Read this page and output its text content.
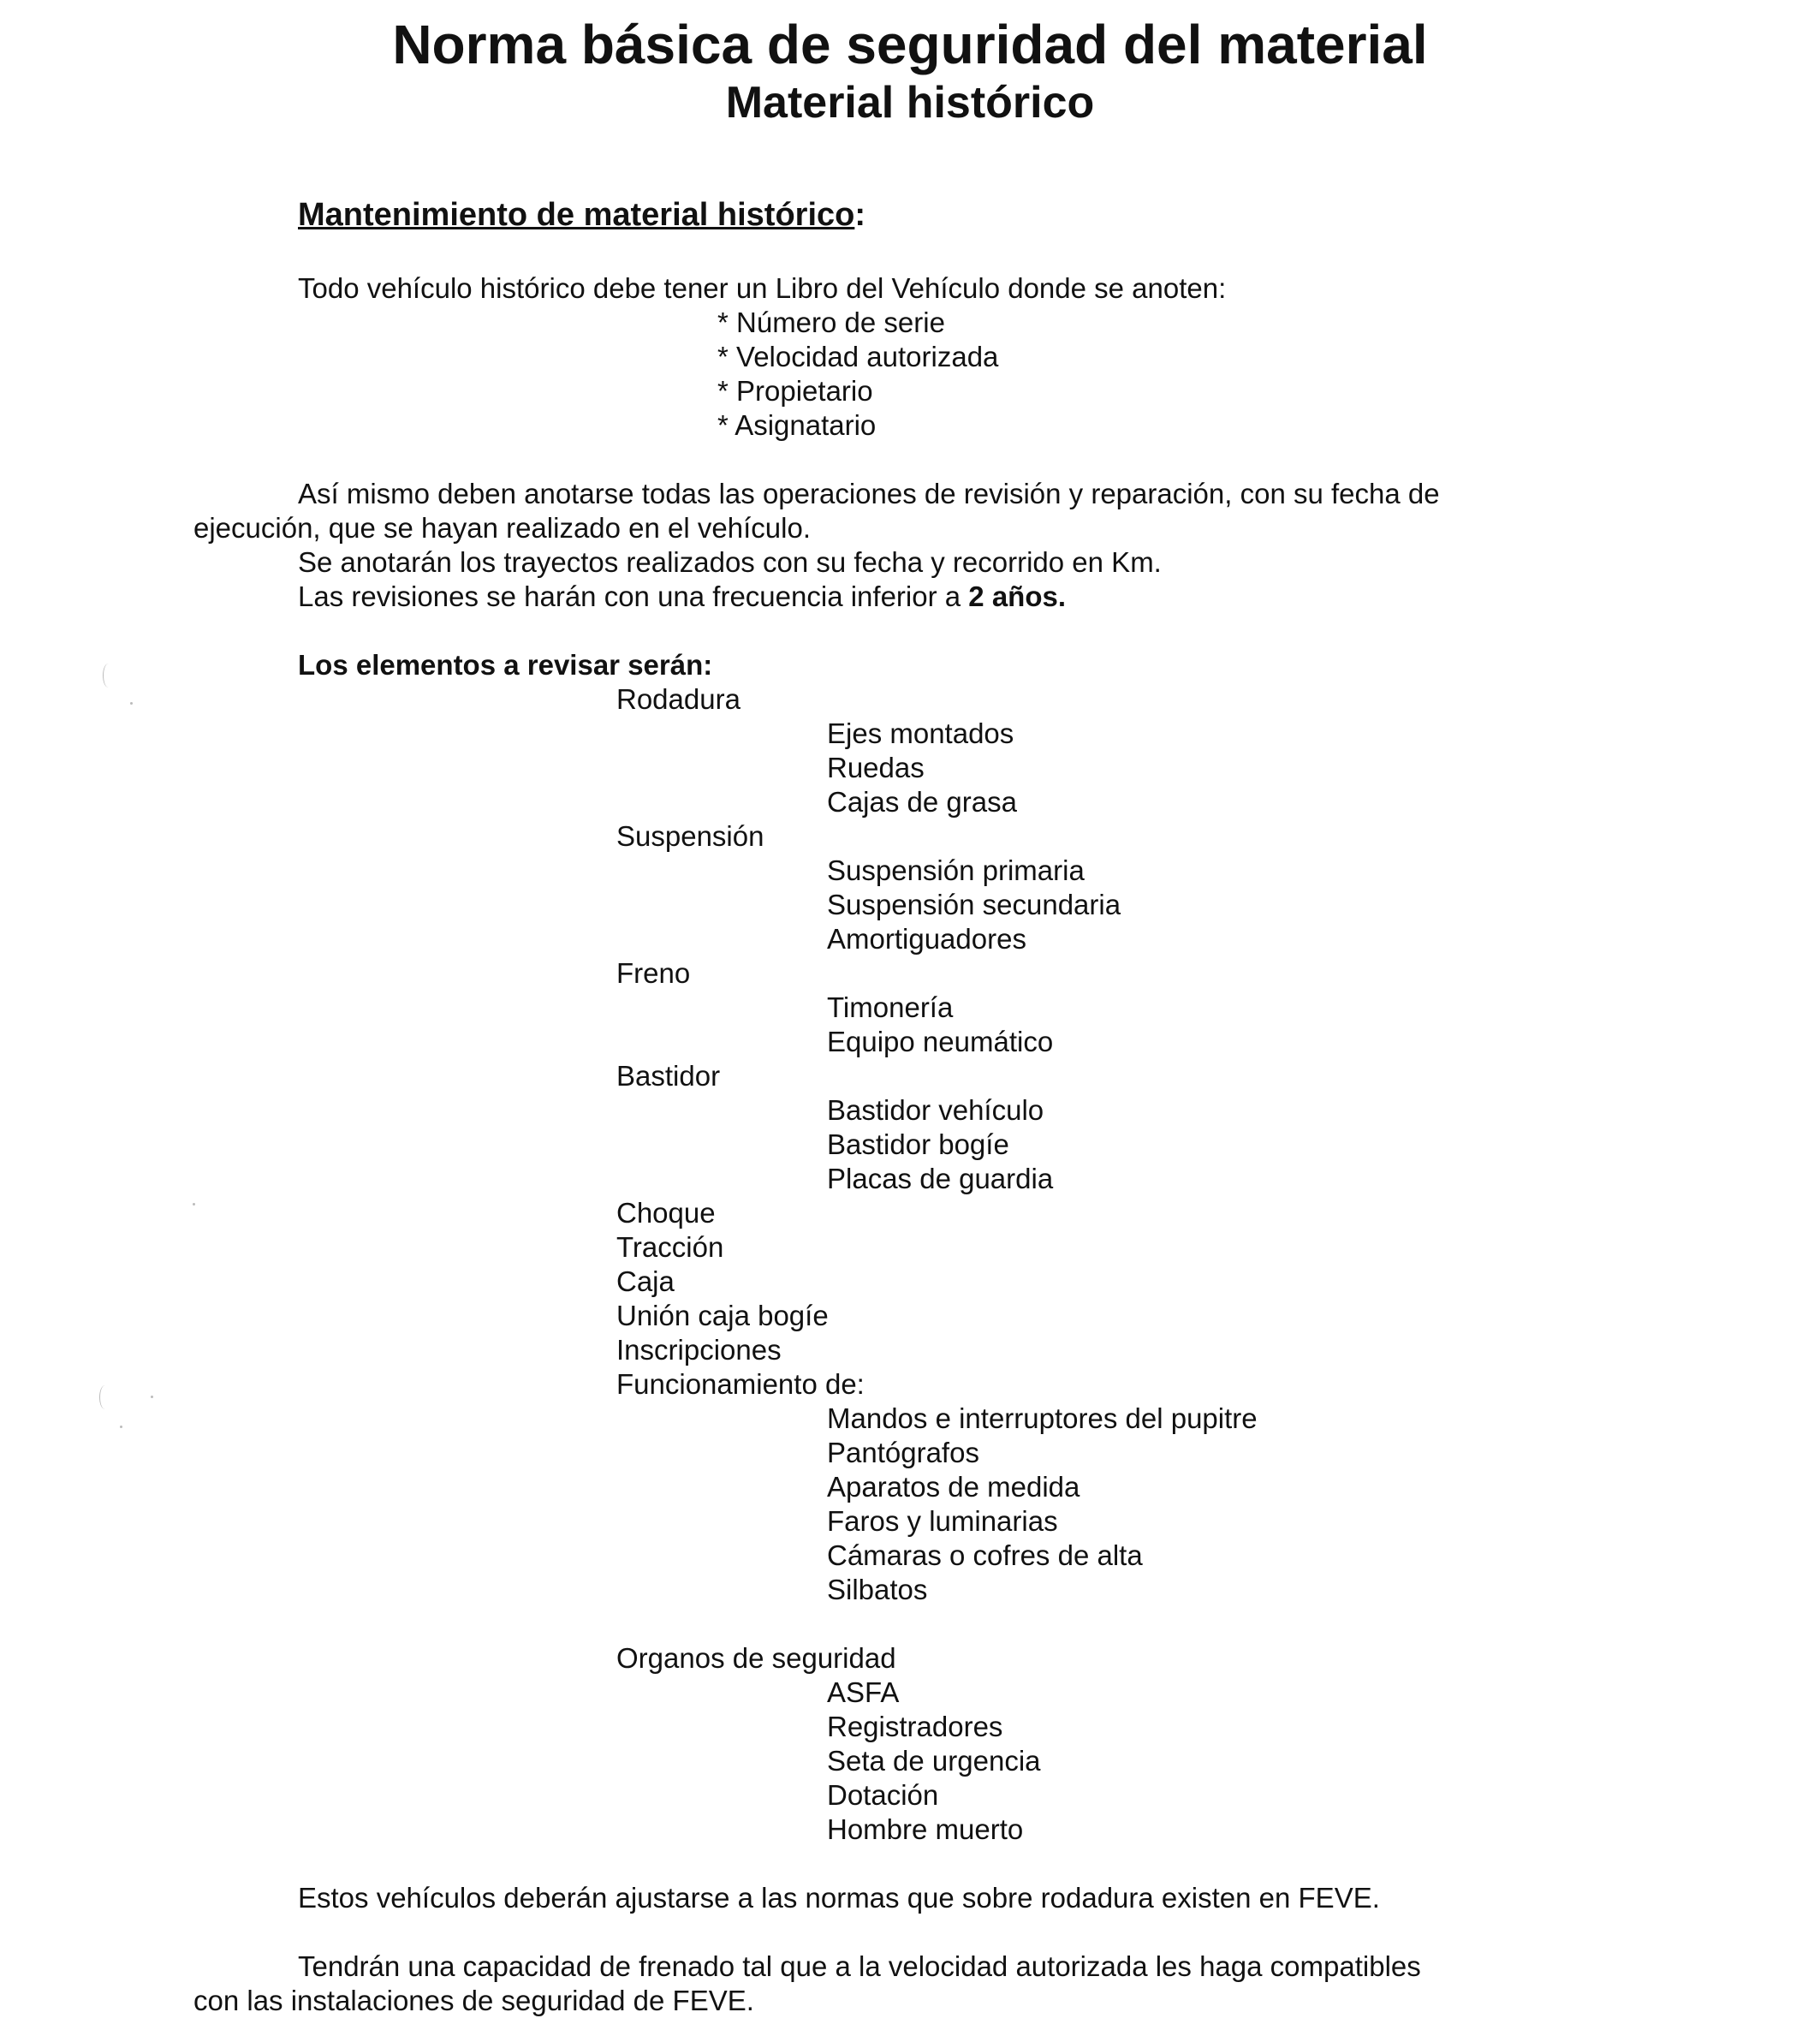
Norma básica de seguridad del material
Material histórico
Mantenimiento de material histórico:

Todo vehículo histórico debe tener un Libro del Vehículo donde se anoten:

* Número de serie

* Velocidad autorizada

* Propietario

* Asignatario

Así mismo deben anotarse todas las operaciones de revisión y reparación, con su fecha de

ejecución, que se hayan realizado en el vehículo.

Se anotarán los trayectos realizados con su fecha y recorrido en Km.

Las revisiones se harán con una frecuencia inferior a 2 años.

Los elementos a revisar serán:

Rodadura

Ejes montados

Ruedas

Cajas de grasa

Suspensión

Suspensión primaria

Suspensión secundaria

Amortiguadores

Freno

Timonería

Equipo neumático

Bastidor

Bastidor vehículo

Bastidor bogíe

Placas de guardia

Choque

Tracción

Caja

Unión caja bogíe

Inscripciones

Funcionamiento de:

Mandos e interruptores del pupitre

Pantógrafos

Aparatos de medida

Faros y luminarias

Cámaras o cofres de alta

Silbatos

Organos de seguridad

ASFA

Registradores

Seta de urgencia

Dotación

Hombre muerto

Estos vehículos deberán ajustarse a las normas que sobre rodadura existen en FEVE.

Tendrán una capacidad de frenado tal que a la velocidad autorizada les haga compatibles

con las instalaciones de seguridad de FEVE.
